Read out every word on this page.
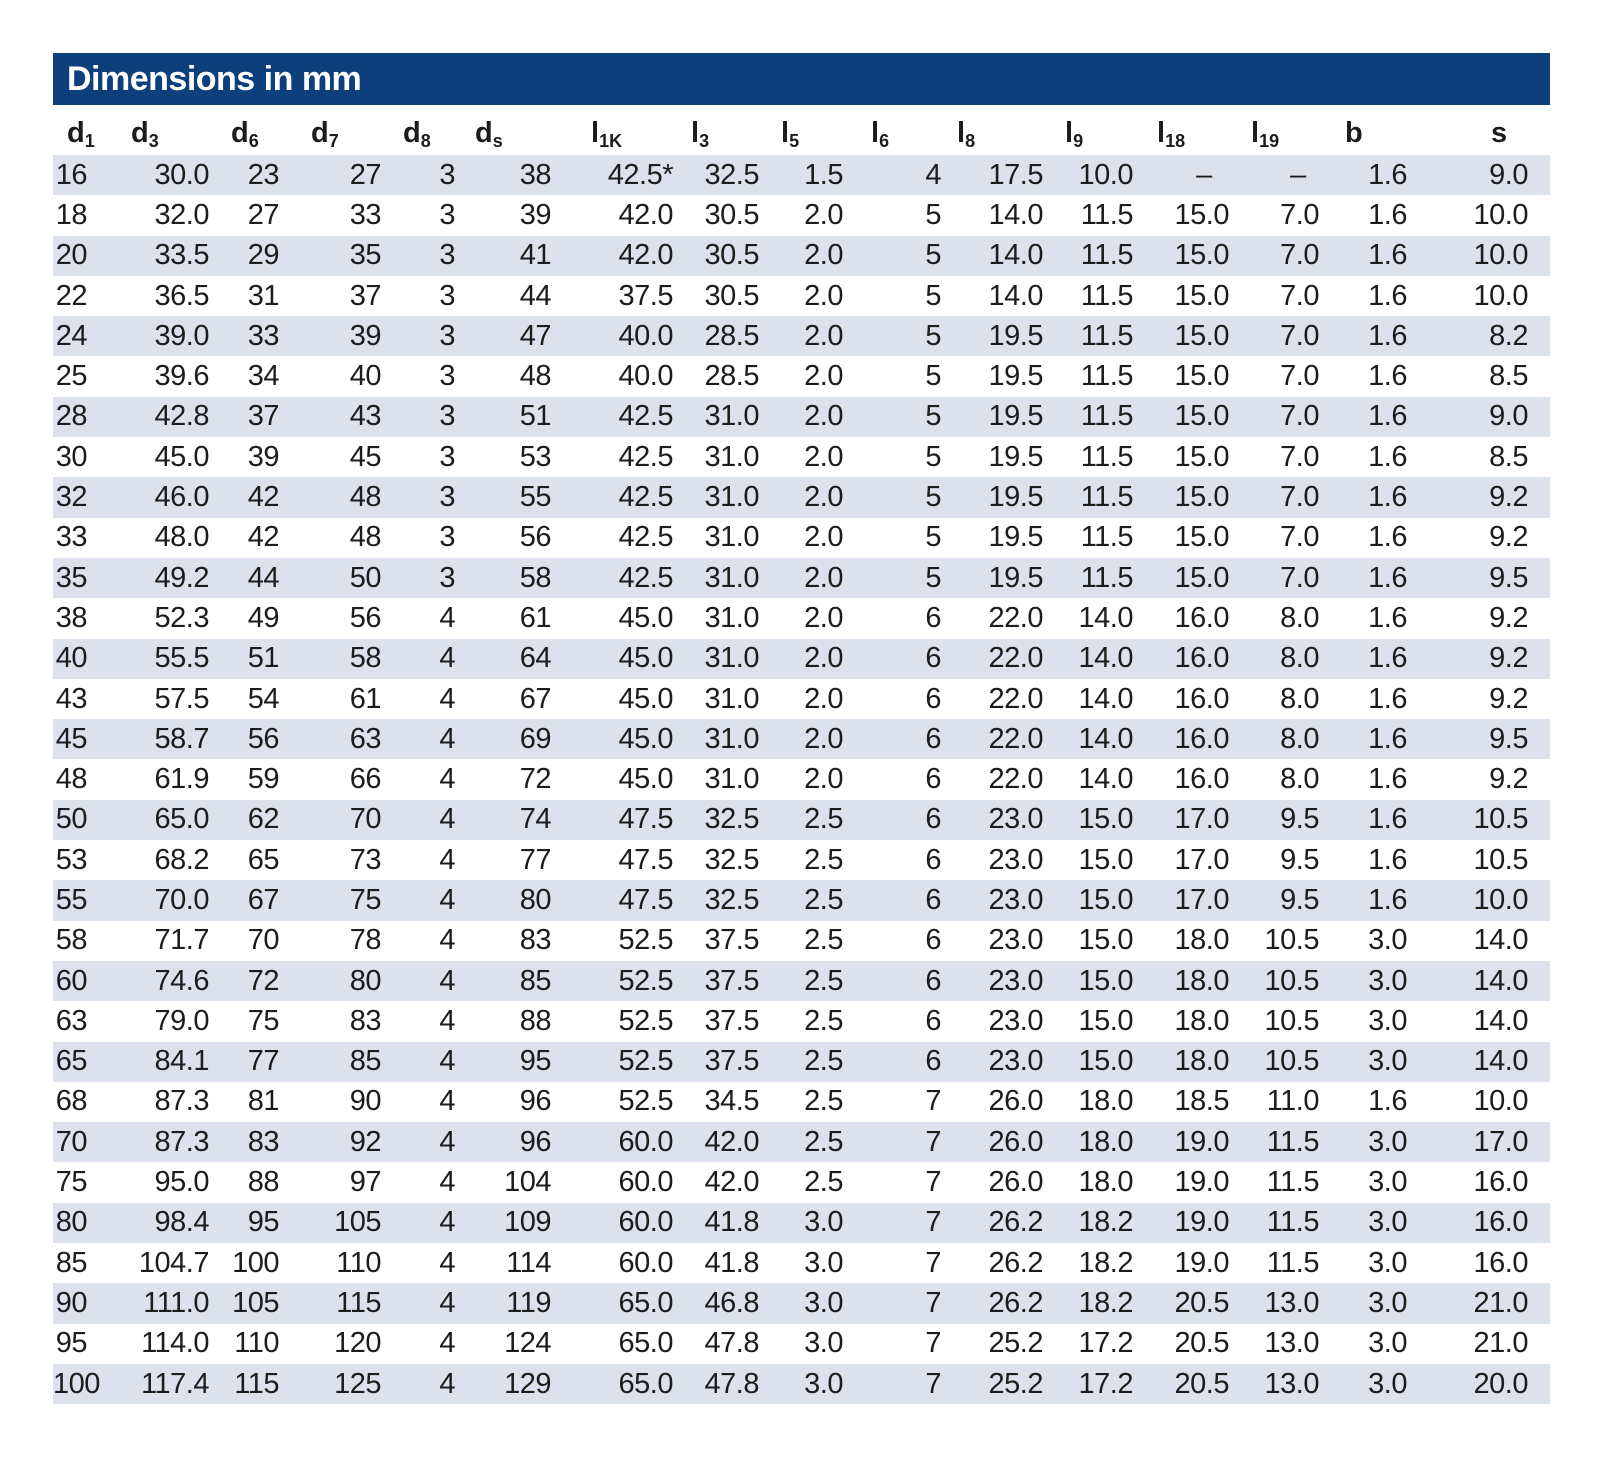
Dimensions in mm
$d_1$	$d_3$	$d_6$	$d_7$	$d_8$	$d_s$	$l_{1K}$	$l_3$	$l_5$	$l_6$	$l_8$	$l_9$	$l_{18}$	$l_{19}$	b	s
16	30.0	23	27	3	38	42.5*	32.5	1.5	4	17.5	10.0	–	–	1.6	9.0
18	32.0	27	33	3	39	42.0	30.5	2.0	5	14.0	11.5	15.0	7.0	1.6	10.0
20	33.5	29	35	3	41	42.0	30.5	2.0	5	14.0	11.5	15.0	7.0	1.6	10.0
22	36.5	31	37	3	44	37.5	30.5	2.0	5	14.0	11.5	15.0	7.0	1.6	10.0
24	39.0	33	39	3	47	40.0	28.5	2.0	5	19.5	11.5	15.0	7.0	1.6	8.2
25	39.6	34	40	3	48	40.0	28.5	2.0	5	19.5	11.5	15.0	7.0	1.6	8.5
28	42.8	37	43	3	51	42.5	31.0	2.0	5	19.5	11.5	15.0	7.0	1.6	9.0
30	45.0	39	45	3	53	42.5	31.0	2.0	5	19.5	11.5	15.0	7.0	1.6	8.5
32	46.0	42	48	3	55	42.5	31.0	2.0	5	19.5	11.5	15.0	7.0	1.6	9.2
33	48.0	42	48	3	56	42.5	31.0	2.0	5	19.5	11.5	15.0	7.0	1.6	9.2
35	49.2	44	50	3	58	42.5	31.0	2.0	5	19.5	11.5	15.0	7.0	1.6	9.5
38	52.3	49	56	4	61	45.0	31.0	2.0	6	22.0	14.0	16.0	8.0	1.6	9.2
40	55.5	51	58	4	64	45.0	31.0	2.0	6	22.0	14.0	16.0	8.0	1.6	9.2
43	57.5	54	61	4	67	45.0	31.0	2.0	6	22.0	14.0	16.0	8.0	1.6	9.2
45	58.7	56	63	4	69	45.0	31.0	2.0	6	22.0	14.0	16.0	8.0	1.6	9.5
48	61.9	59	66	4	72	45.0	31.0	2.0	6	22.0	14.0	16.0	8.0	1.6	9.2
50	65.0	62	70	4	74	47.5	32.5	2.5	6	23.0	15.0	17.0	9.5	1.6	10.5
53	68.2	65	73	4	77	47.5	32.5	2.5	6	23.0	15.0	17.0	9.5	1.6	10.5
55	70.0	67	75	4	80	47.5	32.5	2.5	6	23.0	15.0	17.0	9.5	1.6	10.0
58	71.7	70	78	4	83	52.5	37.5	2.5	6	23.0	15.0	18.0	10.5	3.0	14.0
60	74.6	72	80	4	85	52.5	37.5	2.5	6	23.0	15.0	18.0	10.5	3.0	14.0
63	79.0	75	83	4	88	52.5	37.5	2.5	6	23.0	15.0	18.0	10.5	3.0	14.0
65	84.1	77	85	4	95	52.5	37.5	2.5	6	23.0	15.0	18.0	10.5	3.0	14.0
68	87.3	81	90	4	96	52.5	34.5	2.5	7	26.0	18.0	18.5	11.0	1.6	10.0
70	87.3	83	92	4	96	60.0	42.0	2.5	7	26.0	18.0	19.0	11.5	3.0	17.0
75	95.0	88	97	4	104	60.0	42.0	2.5	7	26.0	18.0	19.0	11.5	3.0	16.0
80	98.4	95	105	4	109	60.0	41.8	3.0	7	26.2	18.2	19.0	11.5	3.0	16.0
85	104.7	100	110	4	114	60.0	41.8	3.0	7	26.2	18.2	19.0	11.5	3.0	16.0
90	111.0	105	115	4	119	65.0	46.8	3.0	7	26.2	18.2	20.5	13.0	3.0	21.0
95	114.0	110	120	4	124	65.0	47.8	3.0	7	25.2	17.2	20.5	13.0	3.0	21.0
100	117.4	115	125	4	129	65.0	47.8	3.0	7	25.2	17.2	20.5	13.0	3.0	20.0
